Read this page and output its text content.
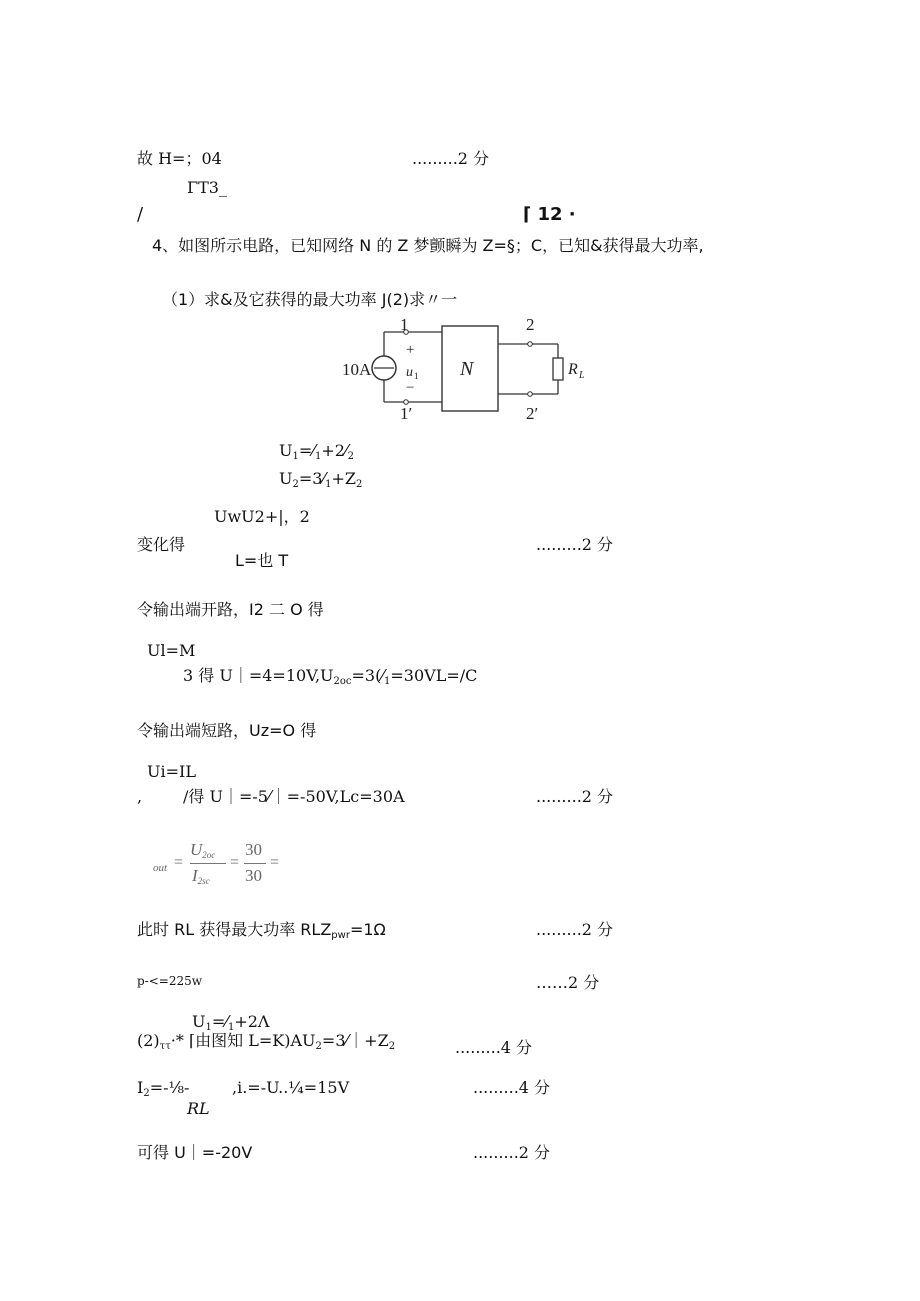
故 H=；04	.........2 分
ΓT3_
/	⌈ 12 ·
4、如图所示电路，已知网络 N 的 Z 梦颤瞬为 Z=§；C，已知&获得最大功率,
（1）求&及它获得的最大功率 J(2)求〃一
10A
1
1′
2
2′
+
−
u 1 N	R L
$U_1=⁄_1+2⁄_2$
$U_2=3⁄_1+Z_2$
UwU2+|，2
变化得	.........2 分
L=也 T
令输出端开路，I2 二 O 得
Ul=M
3 得 $U|=4=10V,U_{2oc}=3(⁄_1=30VL=/C$
令输出端短路，Uz=O 得
Ui=IL
,	/得 U｜=-5⁄｜=-50V,Lc=30A	.........2 分
out =
$U_{2oc}$
$I_{2sc}$
=
30
30
=
此时 RL 获得最大功率 $RLZ_{pwr}=1\Omega$	.........2 分
p-<=225w	……2 分
$U_1=⁄_1+2\Lambda$
$(2)_{\tau\tau}\cdot*$ ⌈由图知 $L=K)AU_2=3⁄|+Z_2$	.........4 分
$I_2=-\frac{1}{8}-$	,i.=-U..¼=15V	.........4 分
RL
可得 U｜=-20V	.........2 分
